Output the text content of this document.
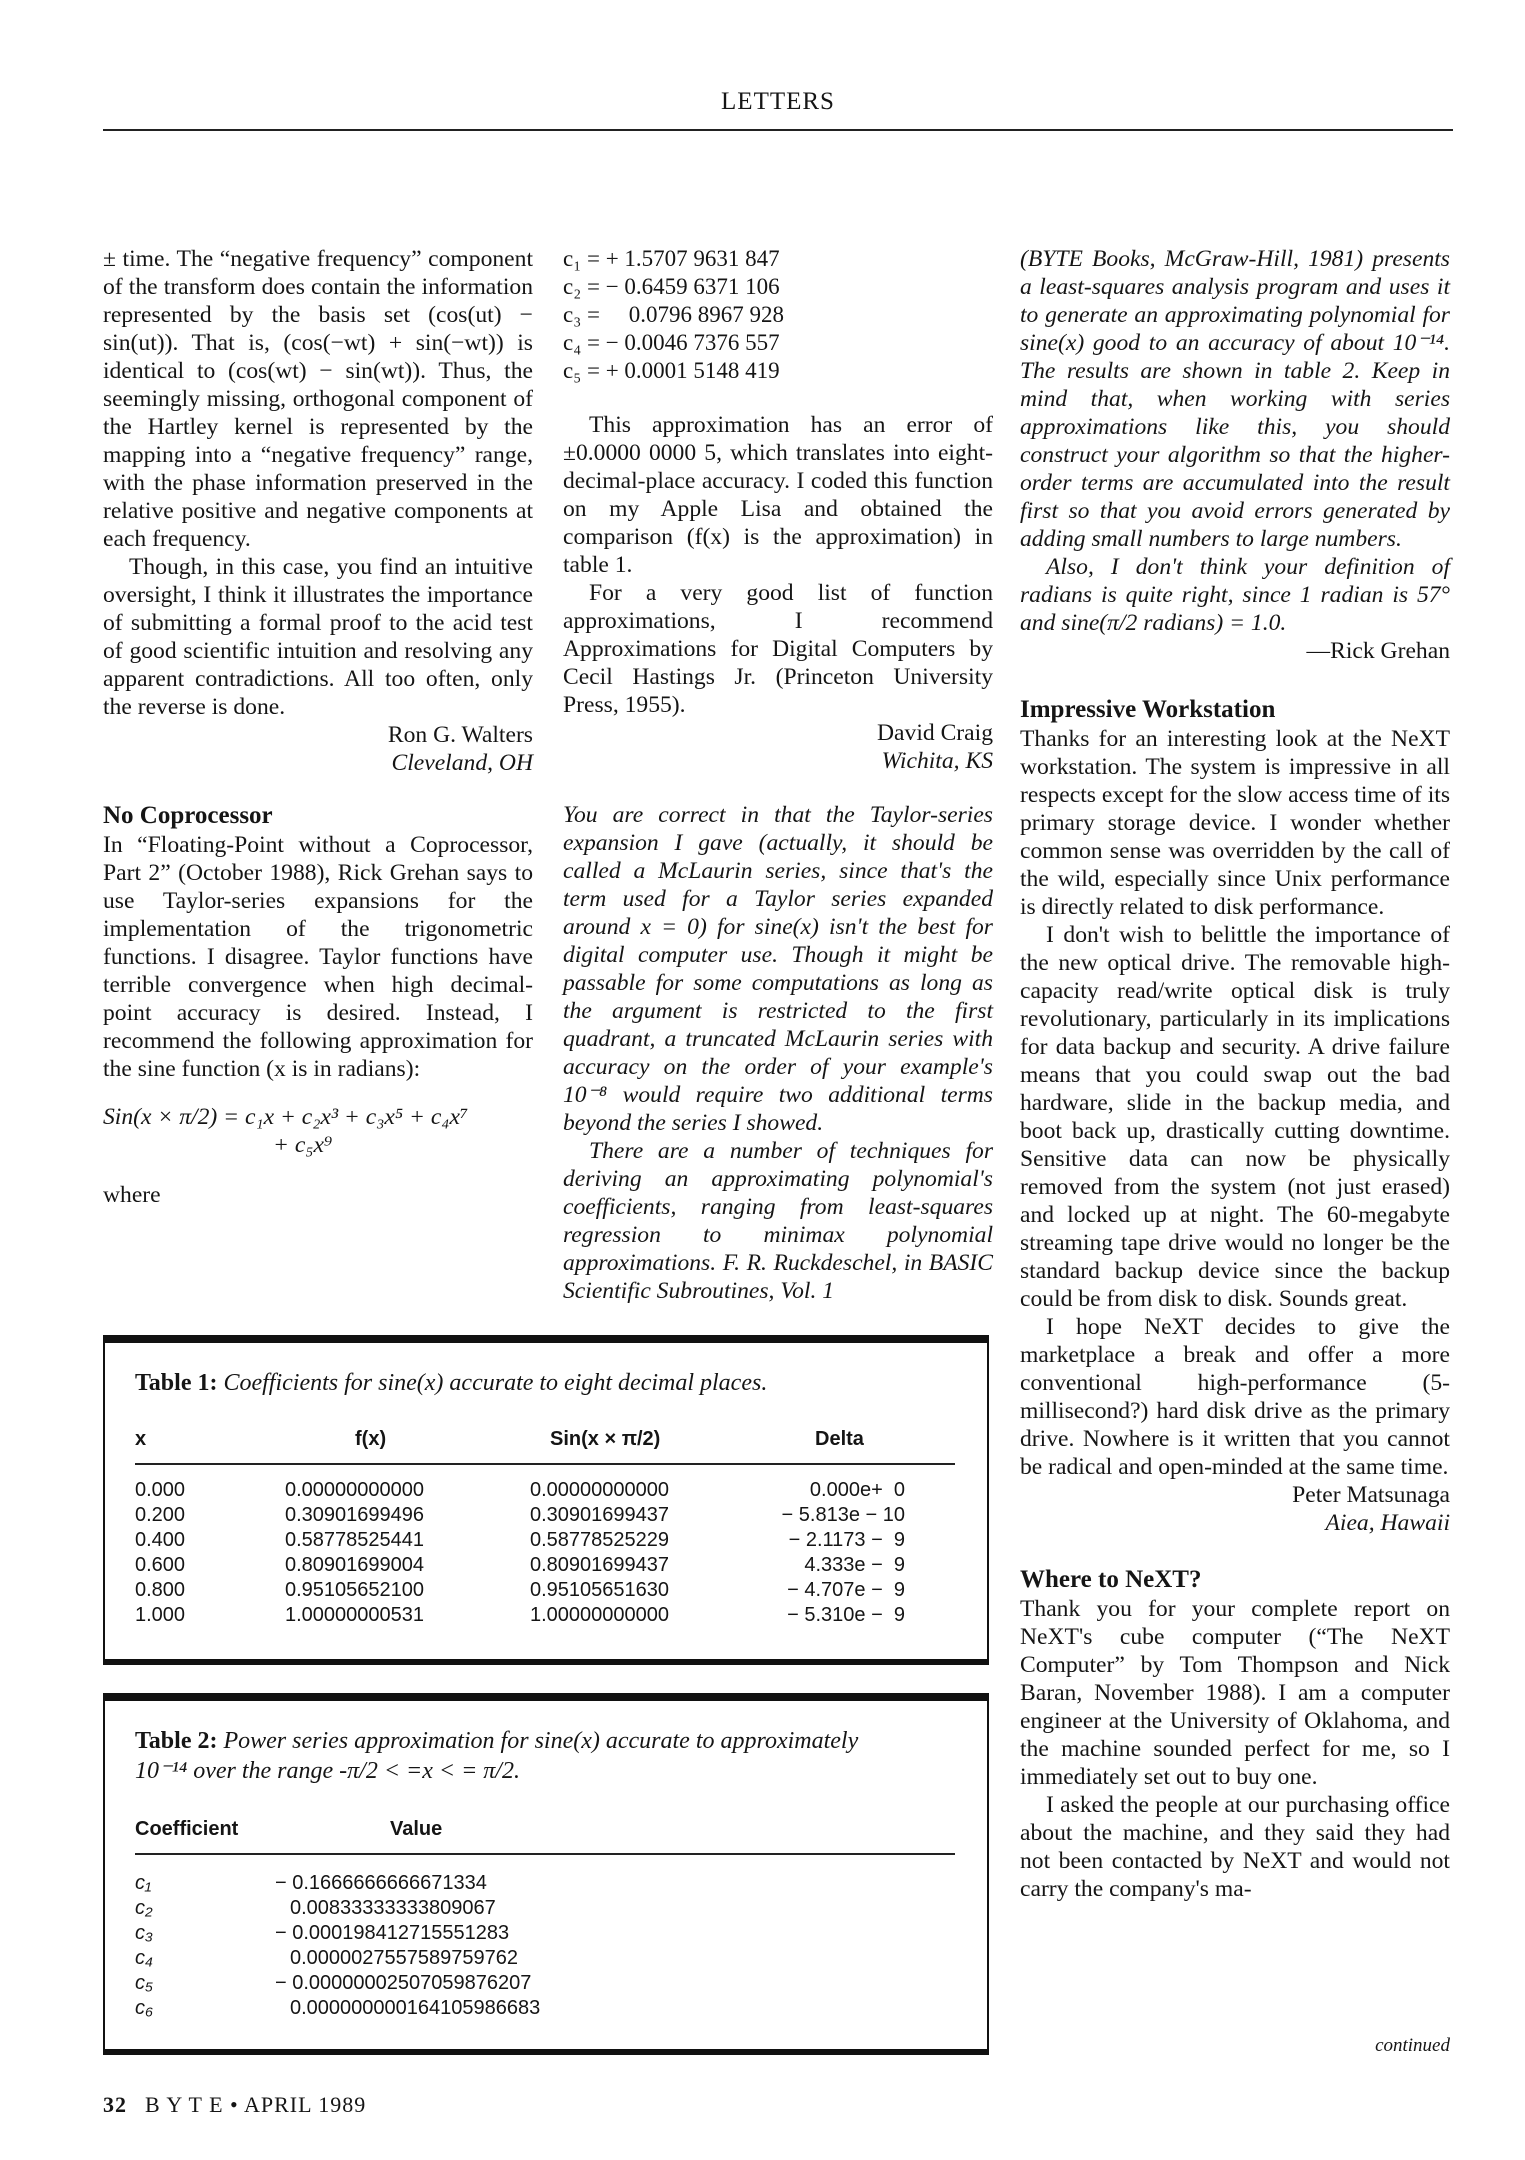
LETTERS

± time. The “negative frequency” component of the transform does contain the information represented by the basis set (cos(ut) − sin(ut)). That is, (cos(−wt) + sin(−wt)) is identical to (cos(wt) − sin(wt)). Thus, the seemingly missing, orthogonal component of the Hartley kernel is represented by the mapping into a “negative frequency” range, with the phase information preserved in the relative positive and negative components at each frequency.

Though, in this case, you find an intuitive oversight, I think it illustrates the importance of submitting a formal proof to the acid test of good scientific intuition and resolving any apparent contradictions. All too often, only the reverse is done.

Ron G. Walters
Cleveland, OH
No Coprocessor

In “Floating-Point without a Coprocessor, Part 2” (October 1988), Rick Grehan says to use Taylor-series expansions for the implementation of the trigonometric functions. I disagree. Taylor functions have terrible convergence when high decimal-point accuracy is desired. Instead, I recommend the following approximation for the sine function (x is in radians):

Sin(x × π/2) = c₁x + c₂x³ + c₃x⁵ + c₄x⁷
+ c₅x⁹
where
c₁ = + 1.5707 9631 847
c₂ = − 0.6459 6371 106
c₃ =     0.0796 8967 928
c₄ = − 0.0046 7376 557
c₅ = + 0.0001 5148 419

This approximation has an error of ±0.0000 0000 5, which translates into eight-decimal-place accuracy. I coded this function on my Apple Lisa and obtained the comparison (f(x) is the approximation) in table 1.

For a very good list of function approximations, I recommend Approximations for Digital Computers by Cecil Hastings Jr. (Princeton University Press, 1955).

David Craig
Wichita, KS

You are correct in that the Taylor-series expansion I gave (actually, it should be called a McLaurin series, since that's the term used for a Taylor series expanded around x = 0) for sine(x) isn't the best for digital computer use. Though it might be passable for some computations as long as the argument is restricted to the first quadrant, a truncated McLaurin series with accuracy on the order of your example's 10⁻⁸ would require two additional terms beyond the series I showed.

There are a number of techniques for deriving an approximating polynomial's coefficients, ranging from least-squares regression to minimax polynomial approximations. F. R. Ruckdeschel, in BASIC Scientific Subroutines, Vol. 1

(BYTE Books, McGraw-Hill, 1981) presents a least-squares analysis program and uses it to generate an approximating polynomial for sine(x) good to an accuracy of about 10⁻¹⁴. The results are shown in table 2. Keep in mind that, when working with series approximations like this, you should construct your algorithm so that the higher-order terms are accumulated into the result first so that you avoid errors generated by adding small numbers to large numbers.

Also, I don't think your definition of radians is quite right, since 1 radian is 57° and sine(π/2 radians) = 1.0.

—Rick Grehan
Impressive Workstation

Thanks for an interesting look at the NeXT workstation. The system is impressive in all respects except for the slow access time of its primary storage device. I wonder whether common sense was overridden by the call of the wild, especially since Unix performance is directly related to disk performance.

I don't wish to belittle the importance of the new optical drive. The removable high-capacity read/write optical disk is truly revolutionary, particularly in its implications for data backup and security. A drive failure means that you could swap out the bad hardware, slide in the backup media, and boot back up, drastically cutting downtime. Sensitive data can now be physically removed from the system (not just erased) and locked up at night. The 60-megabyte streaming tape drive would no longer be the standard backup device since the backup could be from disk to disk. Sounds great.

I hope NeXT decides to give the marketplace a break and offer a more conventional high-performance (5-millisecond?) hard disk drive as the primary drive. Nowhere is it written that you cannot be radical and open-minded at the same time.

Peter Matsunaga
Aiea, Hawaii
Where to NeXT?

Thank you for your complete report on NeXT's cube computer (“The NeXT Computer” by Tom Thompson and Nick Baran, November 1988). I am a computer engineer at the University of Oklahoma, and the machine sounded perfect for me, so I immediately set out to buy one.

I asked the people at our purchasing office about the machine, and they said they had not been contacted by NeXT and would not carry the company's ma-

continued
Table 1: Coefficients for sine(x) accurate to eight decimal places.
x	f(x)	Sin(x × π/2)	Delta
0.000	0.00000000000	0.00000000000	0.000e+  0
0.200	0.30901699496	0.30901699437	− 5.813e − 10
0.400	0.58778525441	0.58778525229	− 2.1173 −  9
0.600	0.80901699004	0.80901699437	4.333e −  9
0.800	0.95105652100	0.95105651630	− 4.707e −  9
1.000	1.00000000531	1.00000000000	− 5.310e −  9
Table 2: Power series approximation for sine(x) accurate to approximately
10⁻¹⁴ over the range -π/2 < =x < = π/2.
Coefficient	Value
c₁	− 0.1666666666671334
c₂	0.00833333333809067
c₃	− 0.000198412715551283
c₄	0.0000027557589759762
c₅	− 0.00000002507059876207
c₆	0.000000000164105986683
32 B Y T E • APRIL 1989
